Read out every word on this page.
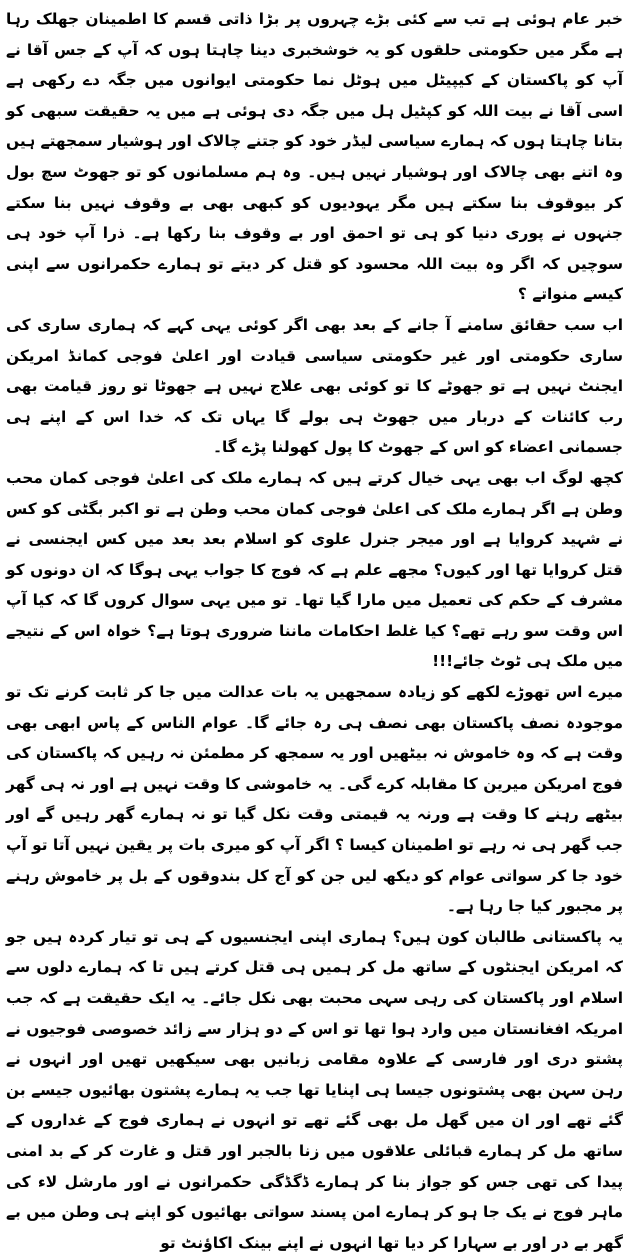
خبر عام ہوئی ہے تب سے کئی بڑے چہروں پر بڑا ذاتی قسم کا اطمینان جھلک رہا ہے مگر میں حکومتی حلقوں کو یہ خوشخبری دینا چاہتا ہوں کہ آپ کے جس آقا نے آپ کو پاکستان کے کیپیٹل میں ہوٹل نما حکومتی ایوانوں میں جگہ دے رکھی ہے اسی آقا نے بیت اللہ کو کپٹیل ہل میں جگہ دی ہوئی ہے میں یہ حقیقت سبھی کو بتانا چاہتا ہوں کہ ہمارے سیاسی لیڈر خود کو جتنے چالاک اور ہوشیار سمجھتے ہیں وہ اتنے بھی چالاک اور ہوشیار نہیں ہیں۔ وہ ہم مسلمانوں کو تو جھوٹ سچ بول کر بیوقوف بنا سکتے ہیں مگر یہودیوں کو کبھی بھی بے وقوف نہیں بنا سکتے جنہوں نے پوری دنیا کو ہی تو احمق اور بے وقوف بنا رکھا ہے۔ ذرا آپ خود ہی سوچیں کہ اگر وہ بیت اللہ محسود کو قتل کر دیتے تو ہمارے حکمرانوں سے اپنی کیسے منواتے ؟

اب سب حقائق سامنے آ جانے کے بعد بھی اگر کوئی یہی کہے کہ ہماری ساری کی ساری حکومتی اور غیر حکومتی سیاسی قیادت اور اعلیٰ فوجی کمانڈ امریکن ایجنٹ نہیں ہے تو جھوٹے کا تو کوئی بھی علاج نہیں ہے جھوٹا تو روز قیامت بھی رب کائنات کے دربار میں جھوٹ ہی بولے گا یہاں تک کہ خدا اس کے اپنے ہی جسمانی اعضاء کو اس کے جھوٹ کا پول کھولنا پڑے گا۔

کچھ لوگ اب بھی یہی خیال کرتے ہیں کہ ہمارے ملک کی اعلیٰ فوجی کمان محب وطن ہے اگر ہمارے ملک کی اعلیٰ فوجی کمان محب وطن ہے تو اکبر بگٹی کو کس نے شہید کروایا ہے اور میجر جنرل علوی کو اسلام بعد بعد میں کس ایجنسی نے قتل کروایا تھا اور کیوں؟ مجھے علم ہے کہ فوج کا جواب یہی ہوگا کہ ان دونوں کو مشرف کے حکم کی تعمیل میں مارا گیا تھا۔ تو میں یہی سوال کروں گا کہ کیا آپ اس وقت سو رہے تھے؟ کیا غلط احکامات ماننا ضروری ہوتا ہے؟ خواہ اس کے نتیجے میں ملک ہی ٹوٹ جائے!!!

میرے اس تھوڑے لکھے کو زیادہ سمجھیں یہ بات عدالت میں جا کر ثابت کرنے تک تو موجودہ نصف پاکستان بھی نصف ہی رہ جائے گا۔ عوام الناس کے پاس ابھی بھی وقت ہے کہ وہ خاموش نہ بیٹھیں اور یہ سمجھ کر مطمئن نہ رہیں کہ پاکستان کی فوج امریکن میرین کا مقابلہ کرے گی۔ یہ خاموشی کا وقت نہیں ہے اور نہ ہی گھر بیٹھے رہنے کا وقت ہے ورنہ یہ قیمتی وقت نکل گیا تو نہ ہمارے گھر رہیں گے اور جب گھر ہی نہ رہے تو اطمینان کیسا ؟ اگر آپ کو میری بات پر یقین نہیں آتا تو آپ خود جا کر سواتی عوام کو دیکھ لیں جن کو آج کل بندوقوں کے بل پر خاموش رہنے پر مجبور کیا جا رہا ہے۔

یہ پاکستانی طالبان کون ہیں؟ ہماری اپنی ایجنسیوں کے ہی تو تیار کردہ ہیں جو کہ امریکن ایجنٹوں کے ساتھ مل کر ہمیں ہی قتل کرتے ہیں تا کہ ہمارے دلوں سے اسلام اور پاکستان کی رہی سہی محبت بھی نکل جائے۔ یہ ایک حقیقت ہے کہ جب امریکہ افغانستان میں وارد ہوا تھا تو اس کے دو ہزار سے زائد خصوصی فوجیوں نے پشتو دری اور فارسی کے علاوہ مقامی زبانیں بھی سیکھیں تھیں اور انہوں نے رہن سہن بھی پشتونوں جیسا ہی اپنایا تھا جب یہ ہمارے پشتون بھائیوں جیسے بن گئے تھے اور ان میں گھل مل بھی گئے تھے تو انہوں نے ہماری فوج کے غداروں کے ساتھ مل کر ہمارے قبائلی علاقوں میں زنا بالجبر اور قتل و غارت کر کے بد امنی پیدا کی تھی جس کو جواز بنا کر ہمارے ڈگڈگی حکمرانوں نے اور مارشل لاء کی ماہر فوج نے یک جا ہو کر ہمارے امن پسند سواتی بھائیوں کو اپنے ہی وطن میں بے گھر بے در اور بے سہارا کر دیا تھا انہوں نے اپنے بینک اکاؤنٹ تو
